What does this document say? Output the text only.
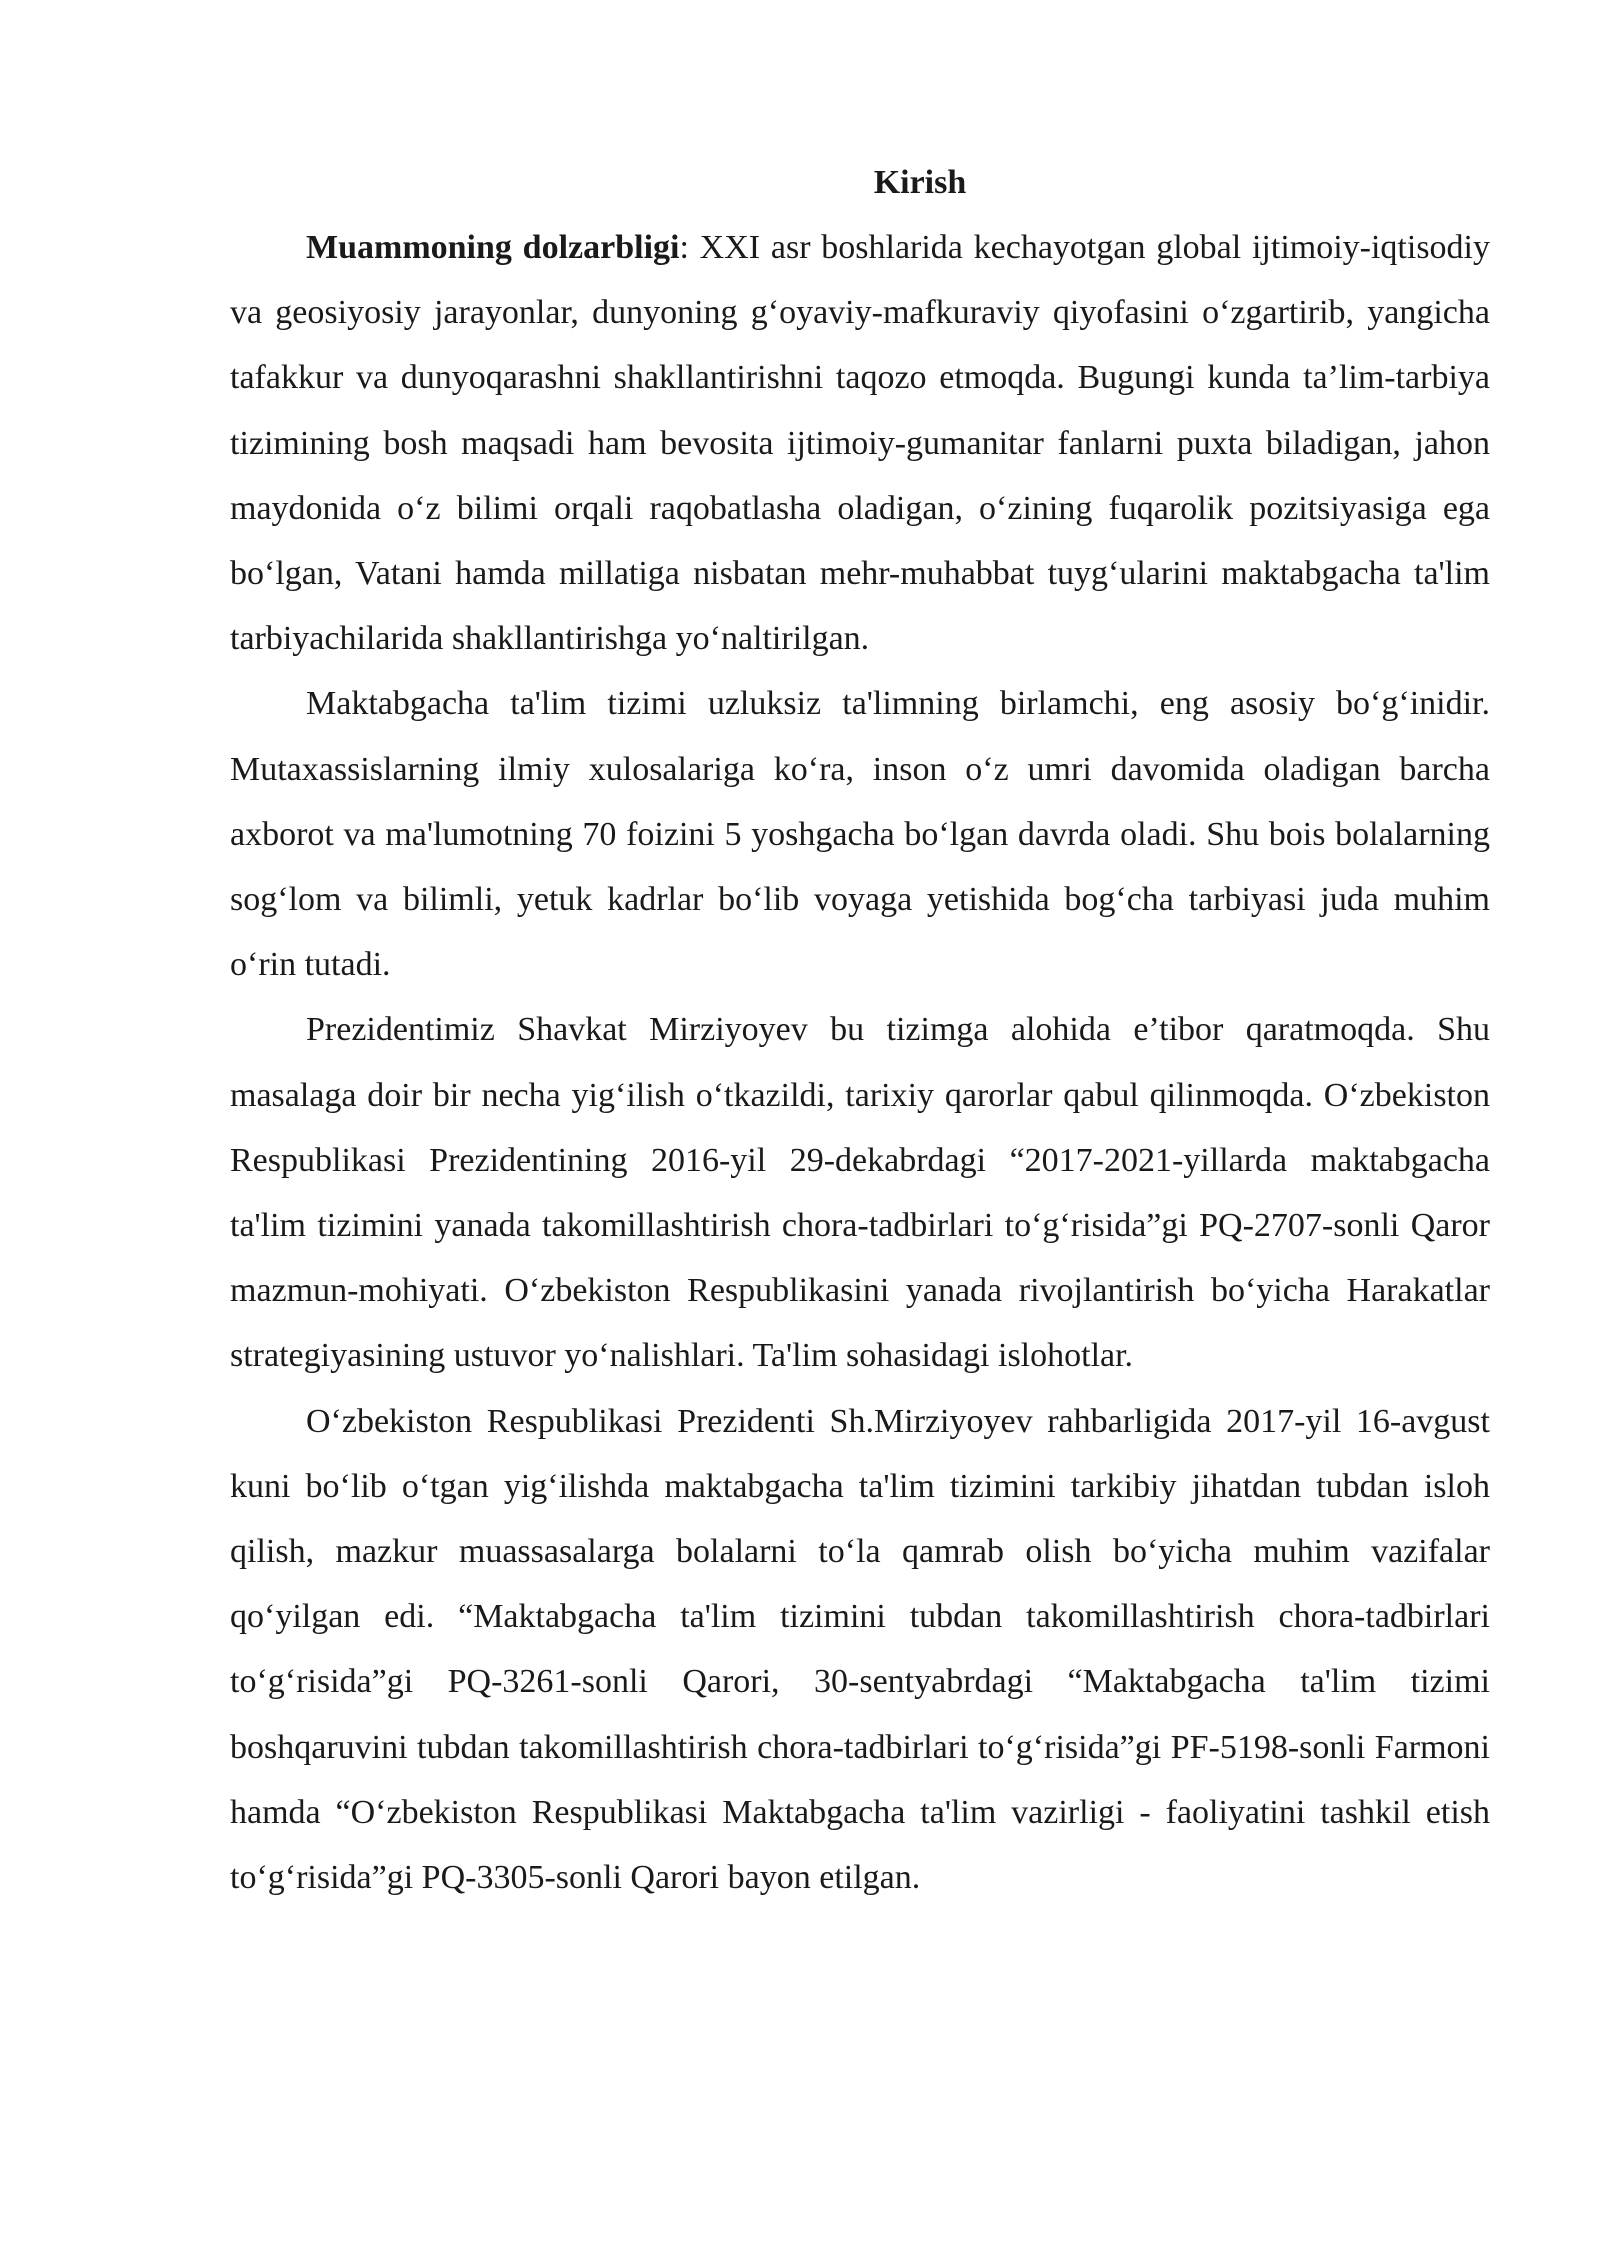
Kirish

Muammoning dolzarbligi: XXI asr boshlarida kechayotgan global ijtimoiy-iqtisodiy va geosiyosiy jarayonlar, dunyoning g‘oyaviy-mafkuraviy qiyofasini o‘zgartirib, yangicha tafakkur va dunyoqarashni shakllantirishni taqozo etmoqda. Bugungi kunda ta’lim-tarbiya tizimining bosh maqsadi ham bevosita ijtimoiy-gumanitar fanlarni puxta biladigan, jahon maydonida o‘z bilimi orqali raqobatlasha oladigan, o‘zining fuqarolik pozitsiyasiga ega bo‘lgan, Vatani hamda millatiga nisbatan mehr-muhabbat tuyg‘ularini maktabgacha ta'lim tarbiyachilarida shakllantirishga yo‘naltirilgan.

Maktabgacha ta'lim tizimi uzluksiz ta'limning birlamchi, eng asosiy bo‘g‘inidir. Mutaxassislarning ilmiy xulosalariga ko‘ra, inson o‘z umri davomida oladigan barcha axborot va ma'lumotning 70 foizini 5 yoshgacha bo‘lgan davrda oladi. Shu bois bolalarning sog‘lom va bilimli, yetuk kadrlar bo‘lib voyaga yetishida bog‘cha tarbiyasi juda muhim o‘rin tutadi.

Prezidentimiz Shavkat Mirziyoyev bu tizimga alohida e’tibor qaratmoqda. Shu masalaga doir bir necha yig‘ilish o‘tkazildi, tarixiy qarorlar qabul qilinmoqda. O‘zbekiston Respublikasi Prezidentining 2016-yil 29-dekabrdagi “2017-2021-yillarda maktabgacha ta'lim tizimini yanada takomillashtirish chora-tadbirlari to‘g‘risida”gi PQ-2707-sonli Qaror mazmun-mohiyati. O‘zbekiston Respublikasini yanada rivojlantirish bo‘yicha Harakatlar strategiyasining ustuvor yo‘nalishlari. Ta'lim sohasidagi islohotlar.

O‘zbekiston Respublikasi Prezidenti Sh.Mirziyoyev rahbarligida 2017-yil 16-avgust kuni bo‘lib o‘tgan yig‘ilishda maktabgacha ta'lim tizimini tarkibiy jihatdan tubdan isloh qilish, mazkur muassasalarga bolalarni to‘la qamrab olish bo‘yicha muhim vazifalar qo‘yilgan edi. “Maktabgacha ta'lim tizimini tubdan takomillashtirish chora-tadbirlari to‘g‘risida”gi PQ-3261-sonli Qarori, 30-sentyabrdagi “Maktabgacha ta'lim tizimi boshqaruvini tubdan takomillashtirish chora-tadbirlari to‘g‘risida”gi PF-5198-sonli Farmoni hamda “O‘zbekiston Respublikasi Maktabgacha ta'lim vazirligi - faoliyatini tashkil etish to‘g‘risida”gi PQ-3305-sonli Qarori bayon etilgan.
